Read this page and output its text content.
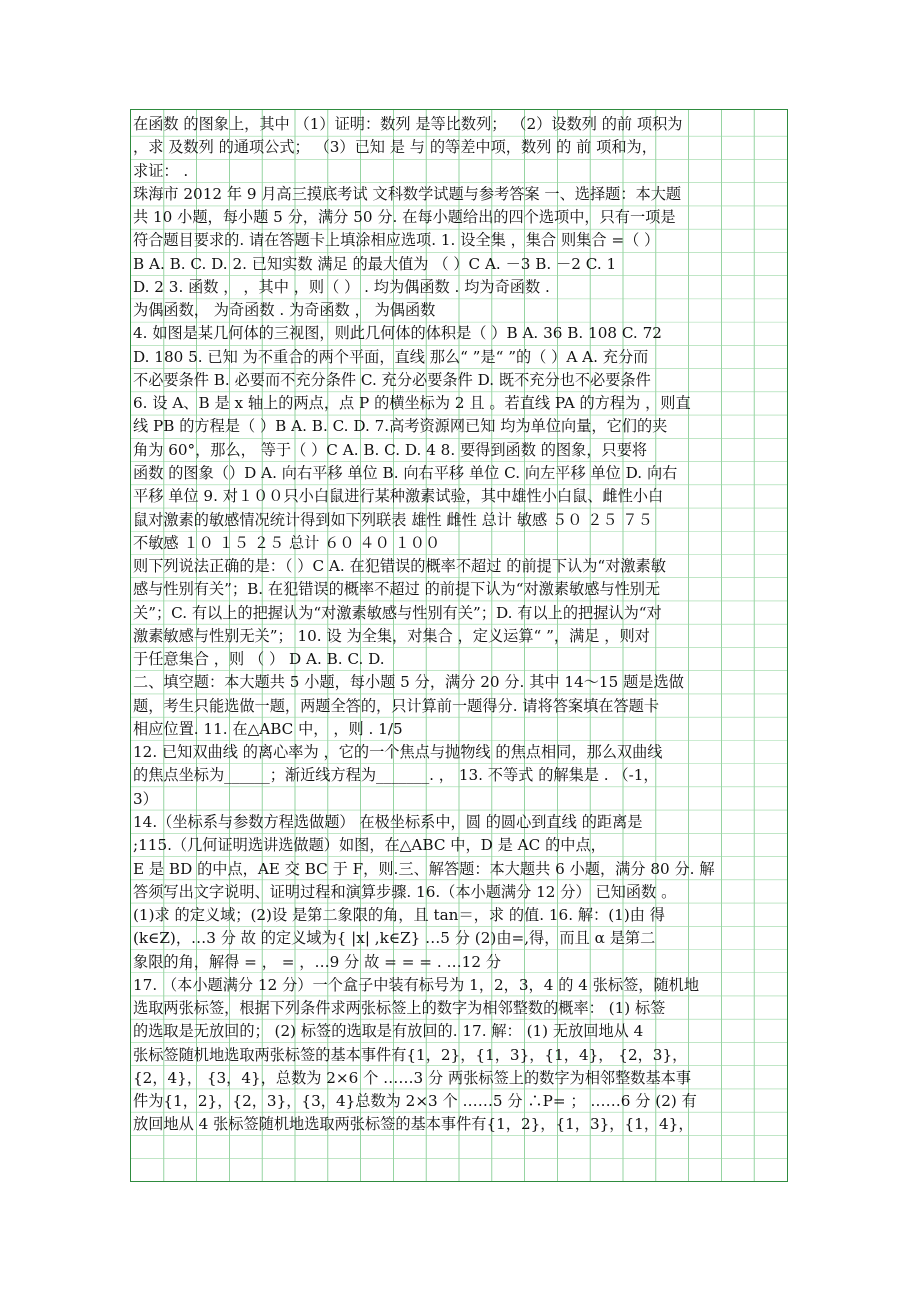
在函数 的图象上，其中 （1）证明：数列 是等比数列； （2）设数列 的前 项积为
，求 及数列 的通项公式； （3）已知 是 与 的等差中项，数列 的 前 项和为，
求证： .
珠海市 2012 年 9 月高三摸底考试 文科数学试题与参考答案 一、选择题：本大题
共 10 小题，每小题 5 分，满分 50 分. 在每小题给出的四个选项中，只有一项是
符合题目要求的. 请在答题卡上填涂相应选项. 1. 设全集 ，集合 则集合 =（ ）
B A. B. C. D. 2. 已知实数 满足 的最大值为 （ ）C A. －3 B. －2 C. 1
D. 2 3. 函数 ， ，其中 ，则（ ） . 均为偶函数 . 均为奇函数 .
为偶函数， 为奇函数 . 为奇函数 ， 为偶函数
4. 如图是某几何体的三视图，则此几何体的体积是（ ）B A. 36 B. 108 C. 72
D. 180 5. 已知 为不重合的两个平面，直线 那么“ ”是“ ”的（ ）A A. 充分而
不必要条件 B. 必要而不充分条件 C. 充分必要条件 D. 既不充分也不必要条件
6. 设 A、B 是 x 轴上的两点，点 P 的横坐标为 2 且 。若直线 PA 的方程为 ，则直
线 PB 的方程是（ ）B A. B. C. D. 7.高考资源网已知 均为单位向量，它们的夹
角为 60°，那么， 等于（ ）C A. B. C. D. 4 8. 要得到函数 的图象，只要将
函数 的图象（）D A. 向右平移 单位 B. 向右平移 单位 C. 向左平移 单位 D. 向右
平移 单位 9. 对１００只小白鼠进行某种激素试验，其中雄性小白鼠、雌性小白
鼠对激素的敏感情况统计得到如下列联表 雄性 雌性 总计 敏感 ５０ ２５ ７５
不敏感 １０ １５ ２５ 总计 ６０ ４０ １００
则下列说法正确的是：（ ）C A. 在犯错误的概率不超过 的前提下认为“对激素敏
感与性别有关”；B. 在犯错误的概率不超过 的前提下认为“对激素敏感与性别无
关”；C. 有以上的把握认为“对激素敏感与性别有关”；D. 有以上的把握认为“对
激素敏感与性别无关”； 10. 设 为全集，对集合 ，定义运算“ ”，满足 ，则对
于任意集合 ，则 （ ） D A. B. C. D.
二、填空题：本大题共 5 小题，每小题 5 分，满分 20 分. 其中 14～15 题是选做
题，考生只能选做一题，两题全答的，只计算前一题得分. 请将答案填在答题卡
相应位置. 11. 在△ABC 中， ，则 . 1/5
12. 已知双曲线 的离心率为 ，它的一个焦点与抛物线 的焦点相同，那么双曲线
的焦点坐标为______；渐近线方程为_______. ， 13. 不等式 的解集是 . （-1，
3）
14.（坐标系与参数方程选做题） 在极坐标系中，圆 的圆心到直线 的距离是
;115.（几何证明选讲选做题）如图，在△ABC 中，D 是 AC 的中点，
E 是 BD 的中点，AE 交 BC 于 F，则.三、解答题：本大题共 6 小题，满分 80 分. 解
答须写出文字说明、证明过程和演算步骤. 16.（本小题满分 12 分） 已知函数 。
(1)求 的定义域；(2)设 是第二象限的角，且 tan＝，求 的值. 16. 解：(1)由 得
(k∈Z)，…3 分 故 的定义域为{ |x| ,k∈Z} …5 分 (2)由=,得，而且 α 是第二
象限的角，解得 = ， = ，…9 分 故 = = = . …12 分
17. （本小题满分 12 分）一个盒子中装有标号为 1，2，3，4 的 4 张标签，随机地
选取两张标签，根据下列条件求两张标签上的数字为相邻整数的概率： (1) 标签
的选取是无放回的； (2) 标签的选取是有放回的. 17. 解： (1) 无放回地从 4
张标签随机地选取两张标签的基本事件有{1，2}，{1，3}，{1，4}， {2，3}，
{2，4}， {3，4}，总数为 2×6 个 ……3 分 两张标签上的数字为相邻整数基本事
件为{1，2}，{2，3}，{3，4}总数为 2×3 个 ……5 分 ∴P= ； ……6 分 (2) 有
放回地从 4 张标签随机地选取两张标签的基本事件有{1，2}，{1，3}，{1，4}，
